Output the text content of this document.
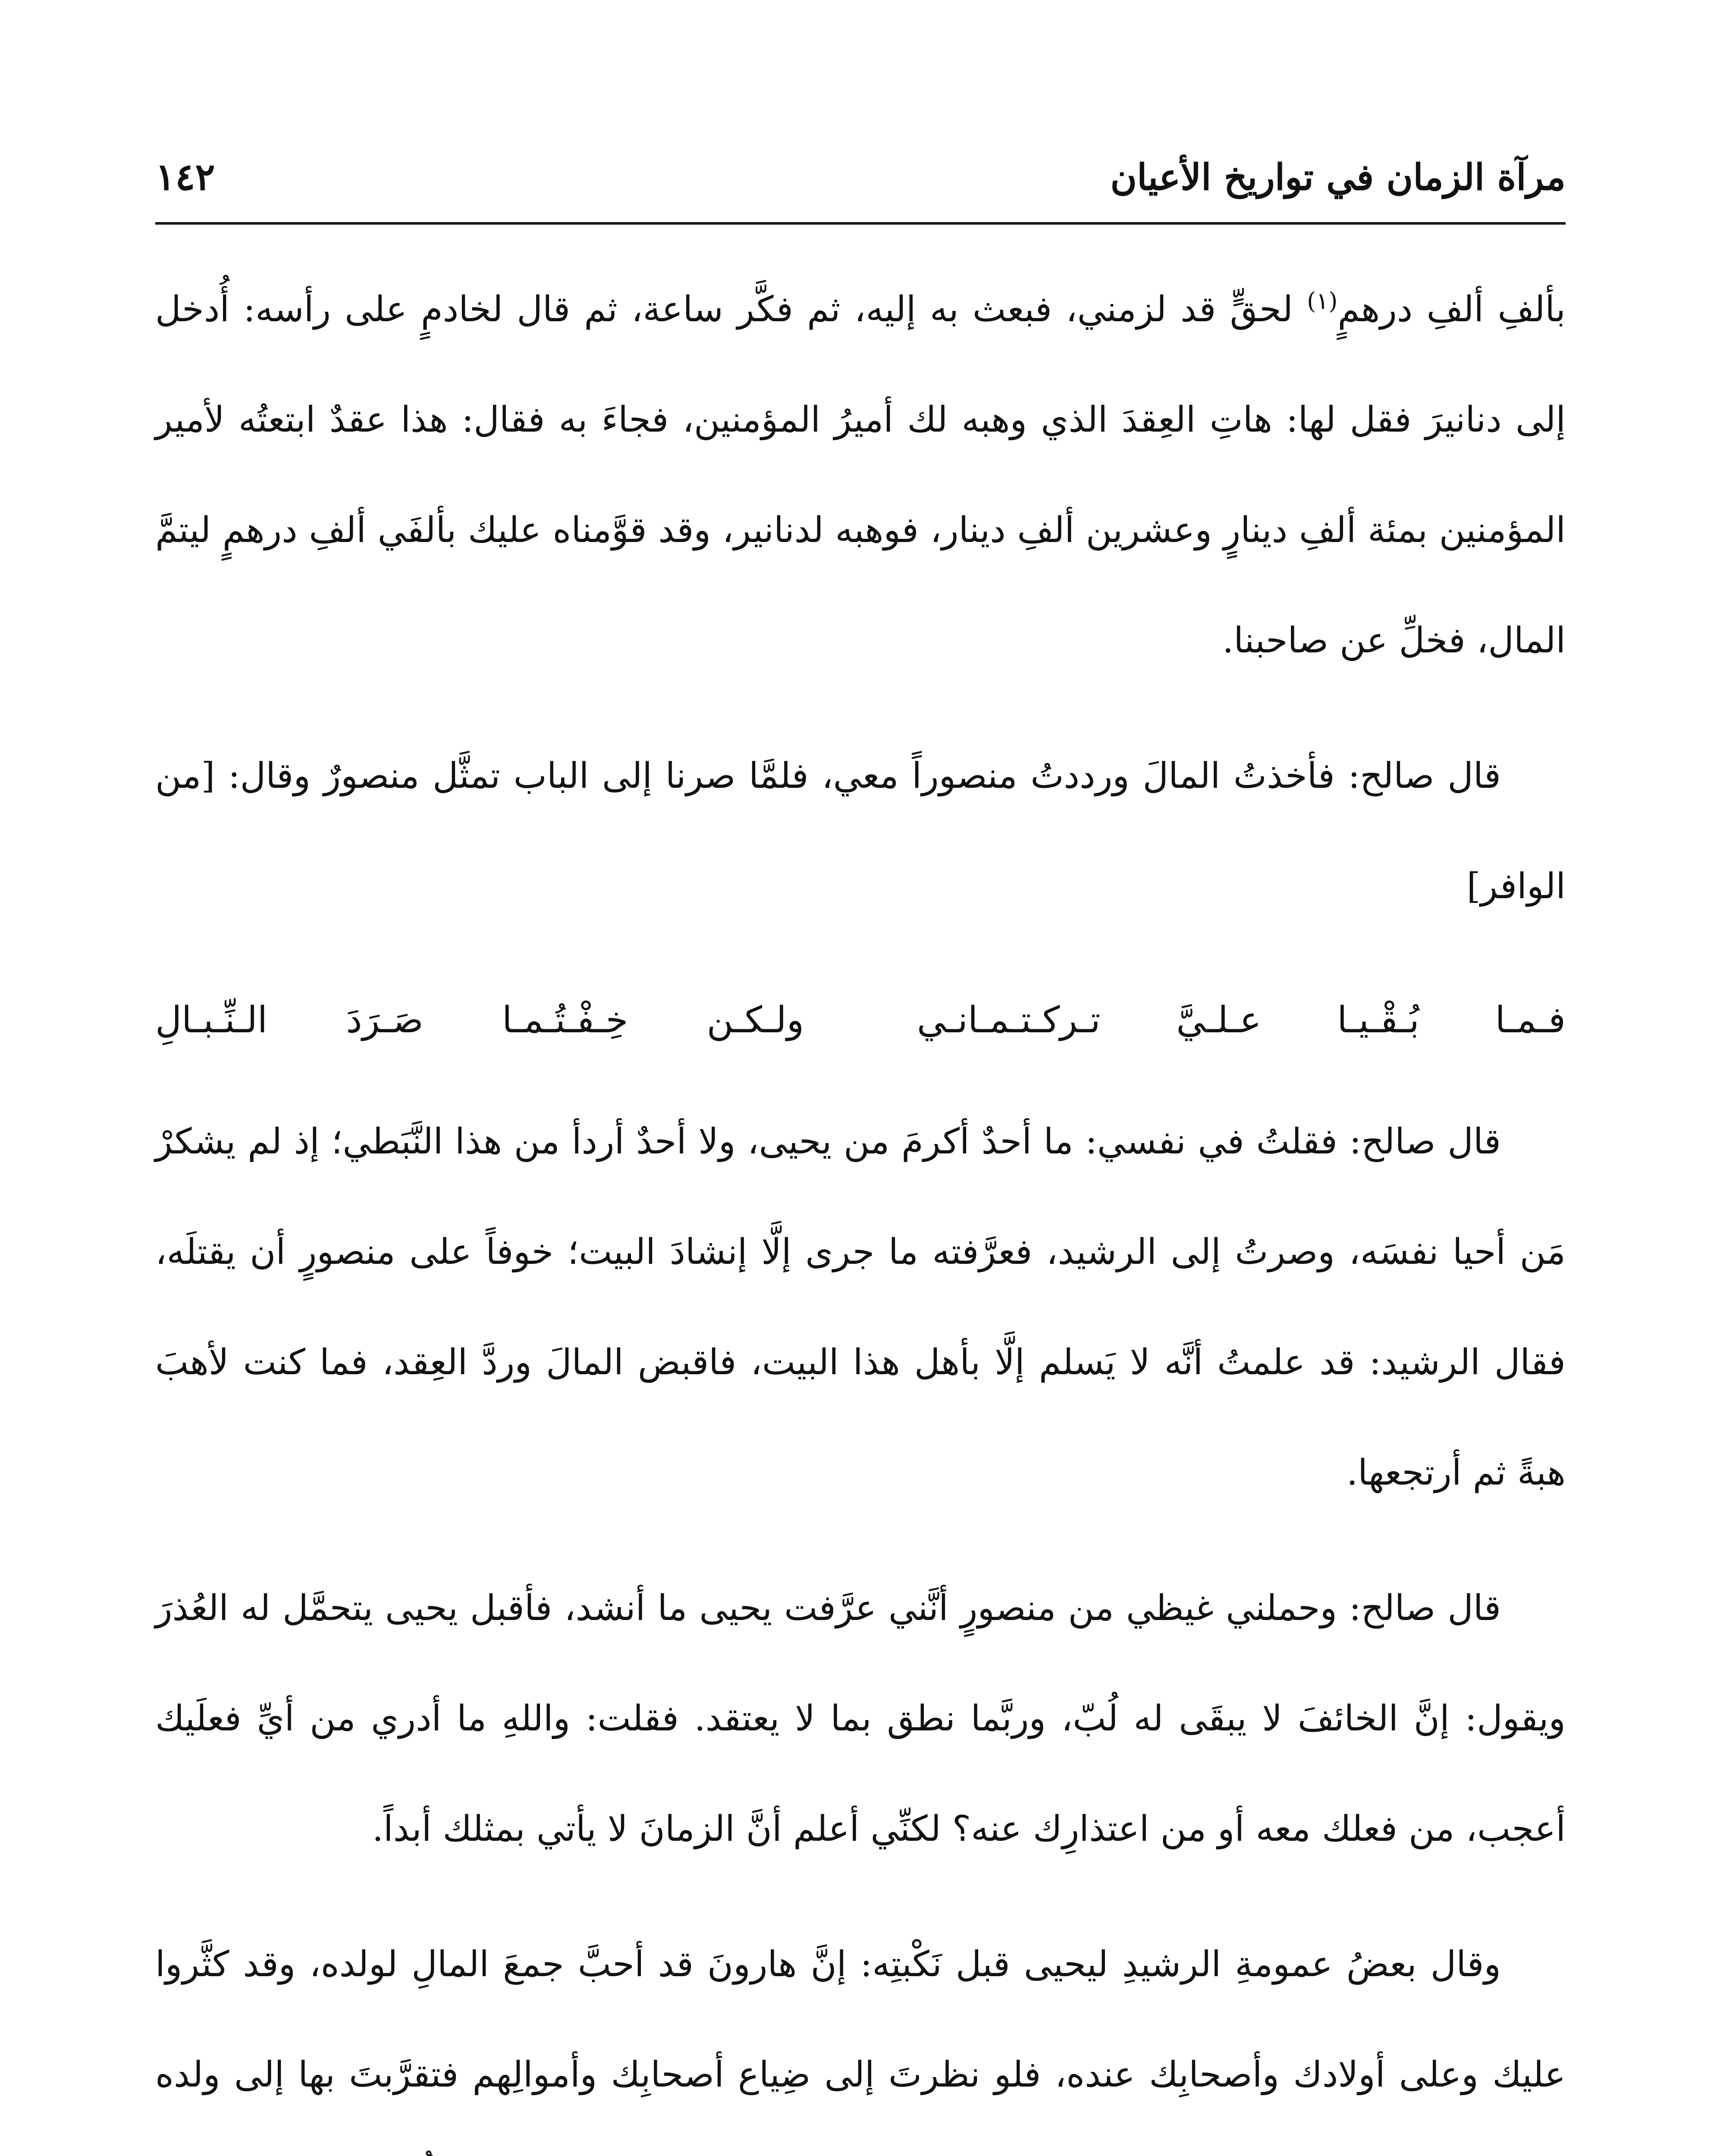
مرآة الزمان في تواريخ الأعيان
١٤٢

بألفِ ألفِ درهمٍ$^{(١)}$ لحقٍّ قد لزمني، فبعث به إليه، ثم فكَّر ساعة، ثم قال لخادمٍ على رأسه: أُدخل إلى دنانيرَ فقل لها: هاتِ العِقدَ الذي وهبه لك أميرُ المؤمنين، فجاءَ به فقال: هذا عقدٌ ابتعتُه لأمير المؤمنين بمئة ألفِ دينارٍ وعشرين ألفِ دينار، فوهبه لدنانير، وقد قوَّمناه عليك بألفَي ألفِ درهمٍ ليتمَّ المال، فخلِّ عن صاحبنا.

قال صالح: فأخذتُ المالَ ورددتُ منصوراً معي، فلمَّا صرنا إلى الباب تمثَّل منصورٌ وقال: [من الوافر]

فـمـا بُـقْـيـا عـلـيَّ تـركـتـمـانـي
ولـكـن خِـفْـتُـمـا صَـرَدَ الـنِّـبـالِ

قال صالح: فقلتُ في نفسي: ما أحدٌ أكرمَ من يحيى، ولا أحدٌ أردأ من هذا النَّبَطي؛ إذ لم يشكرْ مَن أحيا نفسَه، وصرتُ إلى الرشيد، فعرَّفته ما جرى إلَّا إنشادَ البيت؛ خوفاً على منصورٍ أن يقتلَه، فقال الرشيد: قد علمتُ أنَّه لا يَسلم إلَّا بأهل هذا البيت، فاقبض المالَ وردَّ العِقد، فما كنت لأهبَ هبةً ثم أرتجعها.

قال صالح: وحملني غيظي من منصورٍ أنَّني عرَّفت يحيى ما أنشد، فأقبل يحيى يتحمَّل له العُذرَ ويقول: إنَّ الخائفَ لا يبقَى له لُبّ، وربَّما نطق بما لا يعتقد. فقلت: واللهِ ما أدري من أيِّ فعلَيك أعجب، من فعلك معه أو من اعتذارِك عنه؟ لكنِّي أعلم أنَّ الزمانَ لا يأتي بمثلك أبداً.

وقال بعضُ عمومةِ الرشيدِ ليحيى قبل نَكْبتِه: إنَّ هارونَ قد أحبَّ جمعَ المالِ لولده، وقد كثَّروا عليك وعلى أولادك وأصحابِك عنده، فلو نظرتَ إلى ضِياع أصحابِك وأموالِهم فتقرَّبتَ بها إلى ولده
